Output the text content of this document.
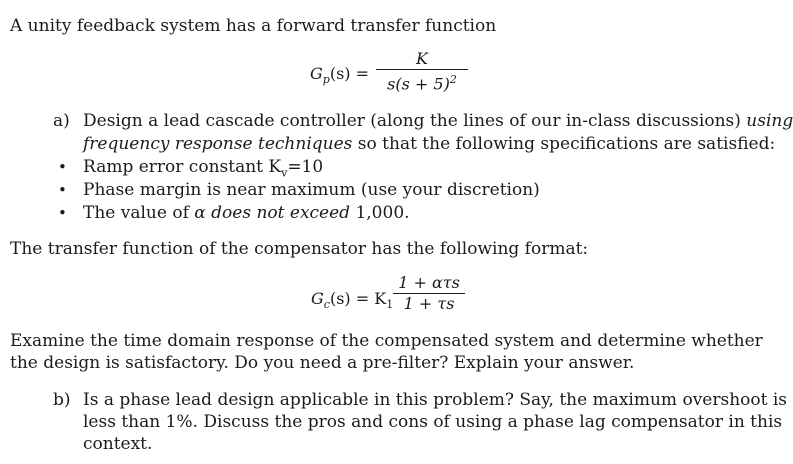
A unity feedback system has a forward transfer function
$G_p(s)$ =
K
$s(s + 5)^2$
a) Design a lead cascade controller (along the lines of our in-class discussions) using
frequency response techniques so that the following specifications are satisfied:
• Ramp error constant $K_v=10$
• Phase margin is near maximum (use your discretion)
• The value of α does not exceed 1,000.
The transfer function of the compensator has the following format:
$G_c(s) = K_1$
1 + ατs
1 + τs
Examine the time domain response of the compensated system and determine whether
the design is satisfactory. Do you need a pre-filter? Explain your answer.
b) Is a phase lead design applicable in this problem? Say, the maximum overshoot is
less than 1%. Discuss the pros and cons of using a phase lag compensator in this
context.
